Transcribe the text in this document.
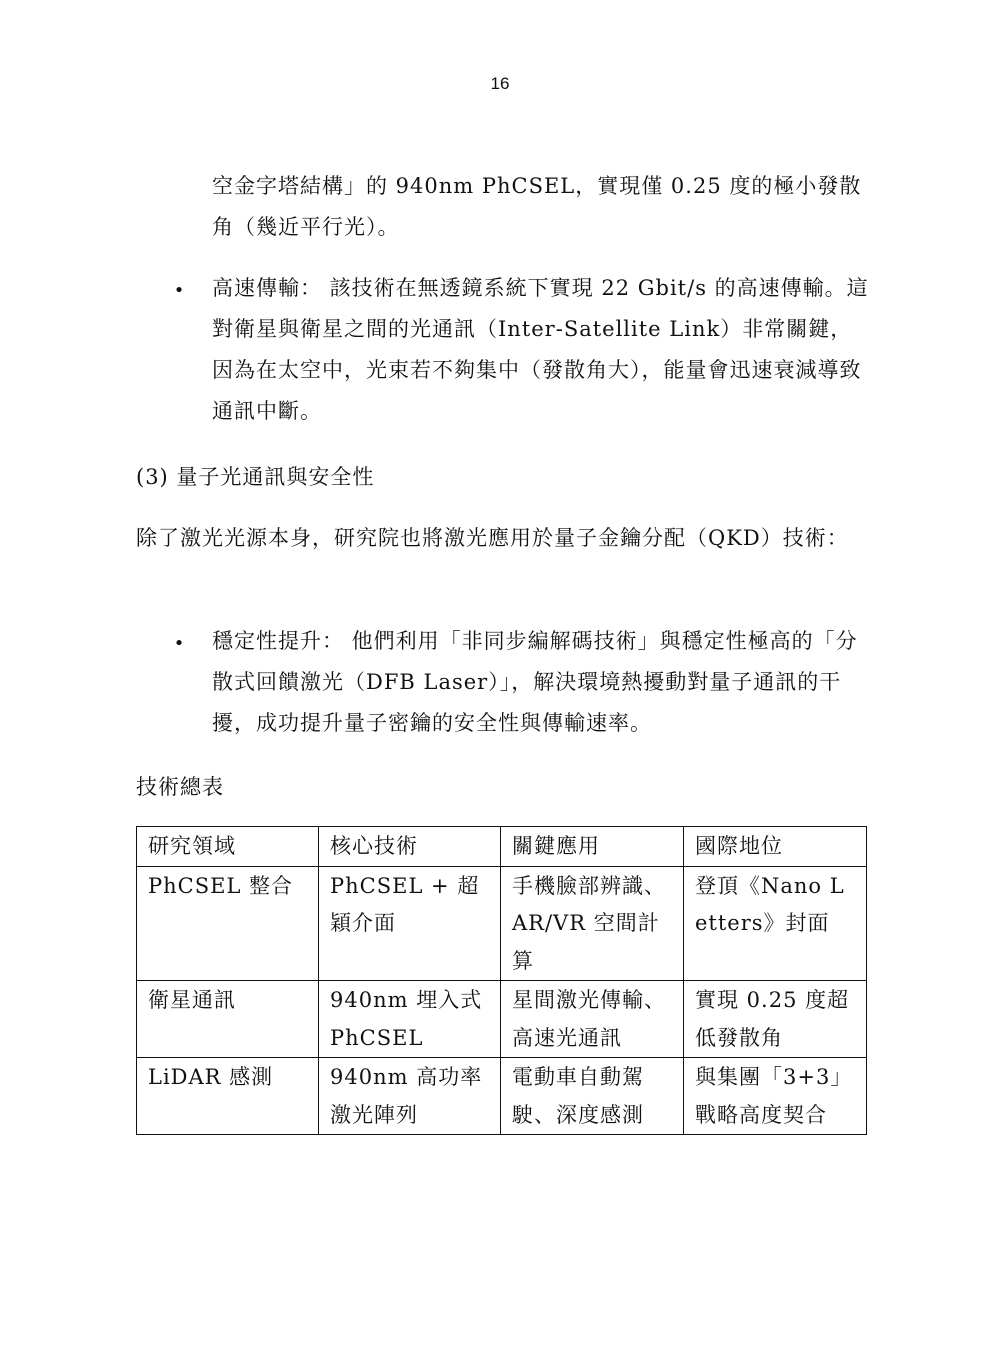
16
空金字塔結構」的 940nm PhCSEL，實現僅 0.25 度的極小發散角（幾近平行光）。
• 高速傳輸： 該技術在無透鏡系統下實現 22 Gbit/s 的高速傳輸。這對衛星與衛星之間的光通訊（Inter-Satellite Link）非常關鍵，因為在太空中，光束若不夠集中（發散角大），能量會迅速衰減導致通訊中斷。
(3) 量子光通訊與安全性
除了激光光源本身，研究院也將激光應用於量子金鑰分配（QKD）技術：
• 穩定性提升： 他們利用「非同步編解碼技術」與穩定性極高的「分散式回饋激光（DFB Laser）」，解決環境熱擾動對量子通訊的干擾，成功提升量子密鑰的安全性與傳輸速率。
技術總表
研究領域	核心技術	關鍵應用	國際地位
PhCSEL 整合	PhCSEL + 超穎介面	手機臉部辨識、AR/VR 空間計算	登頂《Nano Letters》封面
衛星通訊	940nm 埋入式 PhCSEL	星間激光傳輸、高速光通訊	實現 0.25 度超低發散角
LiDAR 感測	940nm 高功率激光陣列	電動車自動駕駛、深度感測	與集團「3+3」戰略高度契合
